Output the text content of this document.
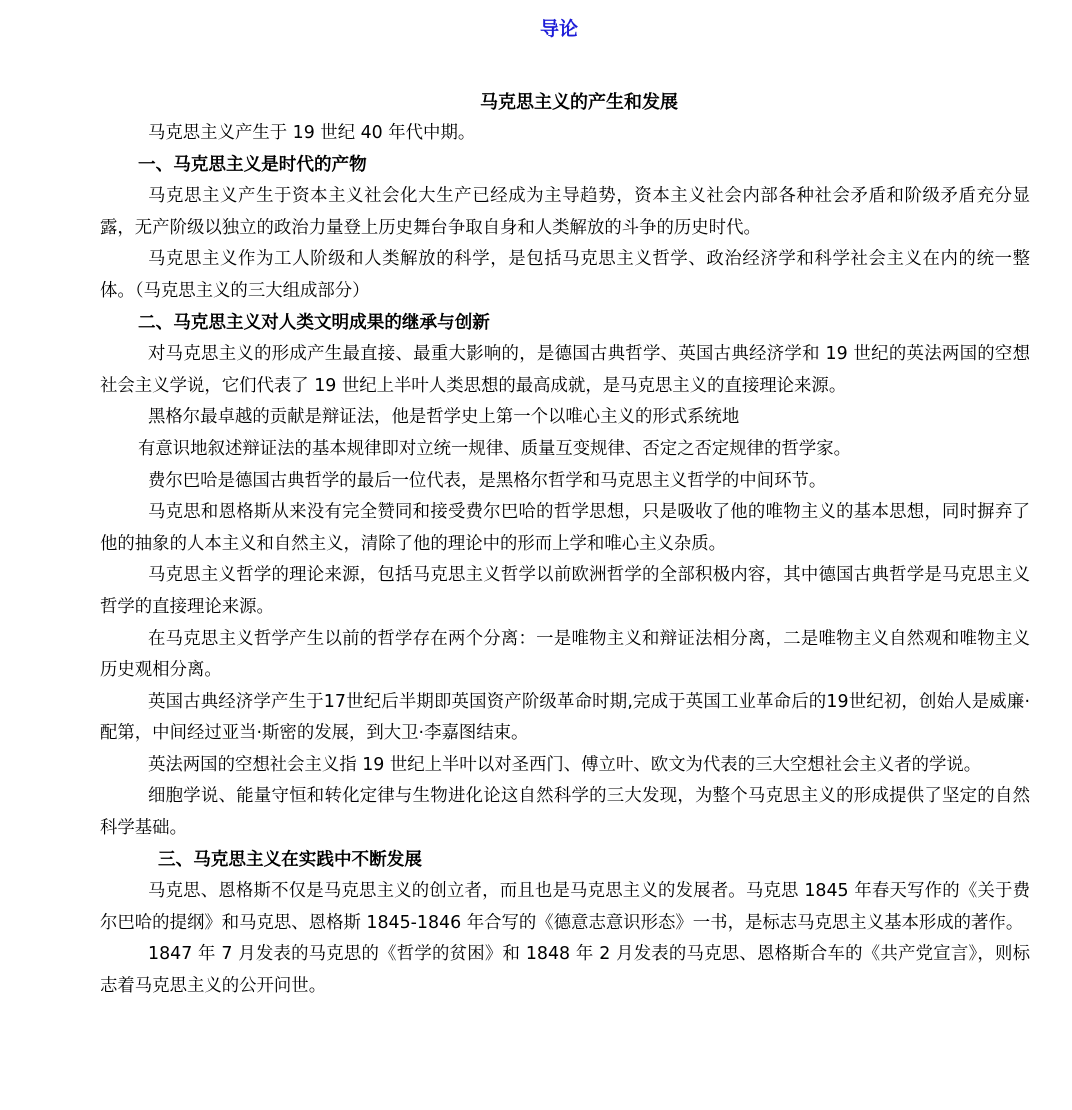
导论
马克思主义的产生和发展

马克思主义产生于 19 世纪 40 年代中期。

一、马克思主义是时代的产物

马克思主义产生于资本主义社会化大生产已经成为主导趋势，资本主义社会内部各种社会矛盾和阶级矛盾充分显露，无产阶级以独立的政治力量登上历史舞台争取自身和人类解放的斗争的历史时代。

马克思主义作为工人阶级和人类解放的科学，是包括马克思主义哲学、政治经济学和科学社会主义在内的统一整体。（马克思主义的三大组成部分）

二、马克思主义对人类文明成果的继承与创新

对马克思主义的形成产生最直接、最重大影响的，是德国古典哲学、英国古典经济学和 19 世纪的英法两国的空想社会主义学说，它们代表了 19 世纪上半叶人类思想的最高成就，是马克思主义的直接理论来源。

黑格尔最卓越的贡献是辩证法，他是哲学史上第一个以唯心主义的形式系统地

有意识地叙述辩证法的基本规律即对立统一规律、质量互变规律、否定之否定规律的哲学家。

费尔巴哈是德国古典哲学的最后一位代表，是黑格尔哲学和马克思主义哲学的中间环节。

马克思和恩格斯从来没有完全赞同和接受费尔巴哈的哲学思想，只是吸收了他的唯物主义的基本思想，同时摒弃了他的抽象的人本主义和自然主义，清除了他的理论中的形而上学和唯心主义杂质。

马克思主义哲学的理论来源，包括马克思主义哲学以前欧洲哲学的全部积极内容，其中德国古典哲学是马克思主义哲学的直接理论来源。

在马克思主义哲学产生以前的哲学存在两个分离：一是唯物主义和辩证法相分离，二是唯物主义自然观和唯物主义历史观相分离。

英国古典经济学产生于17世纪后半期即英国资产阶级革命时期,完成于英国工业革命后的19世纪初，创始人是威廉·配第，中间经过亚当·斯密的发展，到大卫·李嘉图结束。

英法两国的空想社会主义指 19 世纪上半叶以对圣西门、傅立叶、欧文为代表的三大空想社会主义者的学说。

细胞学说、能量守恒和转化定律与生物进化论这自然科学的三大发现，为整个马克思主义的形成提供了坚定的自然科学基础。

三、马克思主义在实践中不断发展

马克思、恩格斯不仅是马克思主义的创立者，而且也是马克思主义的发展者。马克思 1845 年春天写作的《关于费尔巴哈的提纲》和马克思、恩格斯 1845-1846 年合写的《德意志意识形态》一书，是标志马克思主义基本形成的著作。

1847 年 7 月发表的马克思的《哲学的贫困》和 1848 年 2 月发表的马克思、恩格斯合车的《共产党宣言》，则标志着马克思主义的公开问世。
